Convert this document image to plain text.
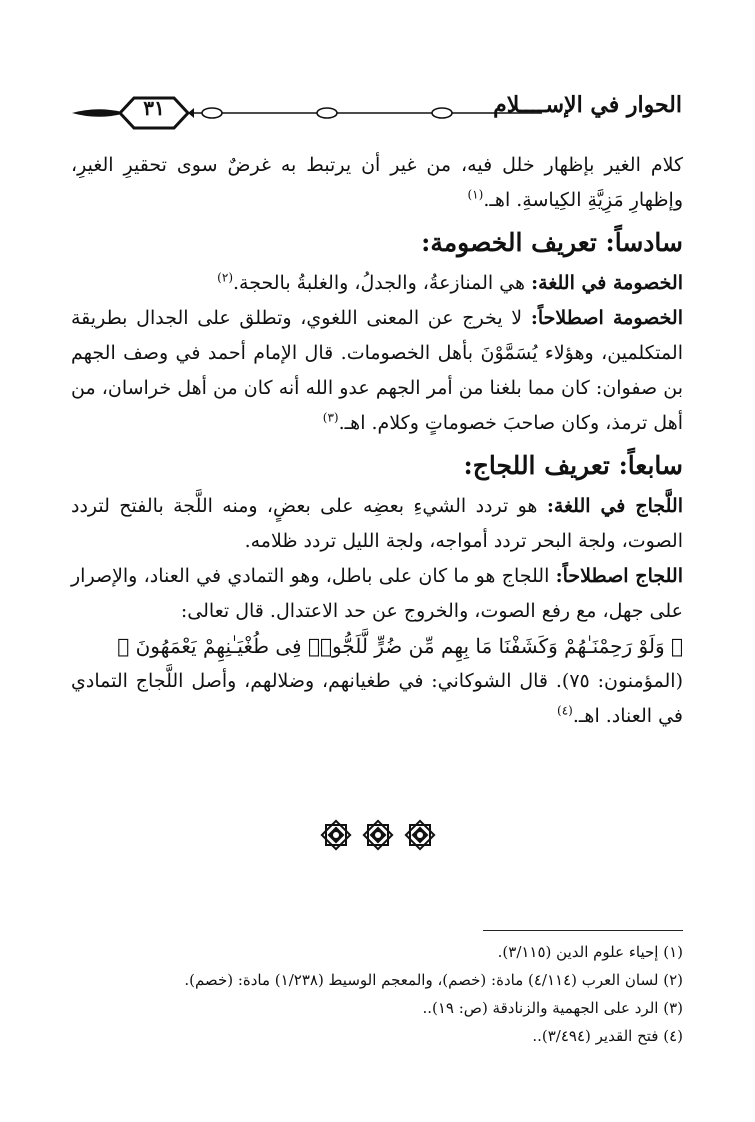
٣١	الحوار في الإســــلام

كلام الغير بإظهار خلل فيه، من غير أن يرتبط به غرضٌ سوى تحقيرِ الغيرِ، وإظهارِ مَزِيَّةِ الكِياسةِ. اهـ.$^{(١)}$

سادساً: تعريف الخصومة:

الخصومة في اللغة: هي المنازعةُ، والجدلُ، والغلبةُ بالحجة.$^{(٢)}$

الخصومة اصطلاحاً: لا يخرج عن المعنى اللغوي، وتطلق على الجدال بطريقة المتكلمين، وهؤلاء يُسَمَّوْنَ بأهل الخصومات. قال الإمام أحمد في وصف الجهم بن صفوان: كان مما بلغنا من أمر الجهم عدو الله أنه كان من أهل خراسان، من أهل ترمذ، وكان صاحبَ خصوماتٍ وكلام. اهـ.$^{(٣)}$

سابعاً: تعريف اللجاج:

اللَّجاج في اللغة: هو تردد الشيءِ بعضِه على بعضٍ، ومنه اللَّجة بالفتح لتردد الصوت، ولجة البحر تردد أمواجه، ولجة الليل تردد ظلامه.

اللجاج اصطلاحاً: اللجاج هو ما كان على باطل، وهو التمادي في العناد، والإصرار على جهل، مع رفع الصوت، والخروج عن حد الاعتدال. قال تعالى:

﴿ وَلَوْ رَحِمْنَـٰهُمْ وَكَشَفْنَا مَا بِهِم مِّن ضُرٍّ لَّلَجُّوا۟ فِى طُغْيَـٰنِهِمْ يَعْمَهُونَ ﴾

(المؤمنون: ٧٥). قال الشوكاني: في طغيانهم، وضلالهم، وأصل اللَّجاج التمادي في العناد. اهـ.$^{(٤)}$

(١) إحياء علوم الدين (٣/١١٥).
(٢) لسان العرب (٤/١١٤) مادة: (خصم)، والمعجم الوسيط (١/٢٣٨) مادة: (خصم).
(٣) الرد على الجهمية والزنادقة (ص: ١٩)..
(٤) فتح القدير (٣/٤٩٤)..
